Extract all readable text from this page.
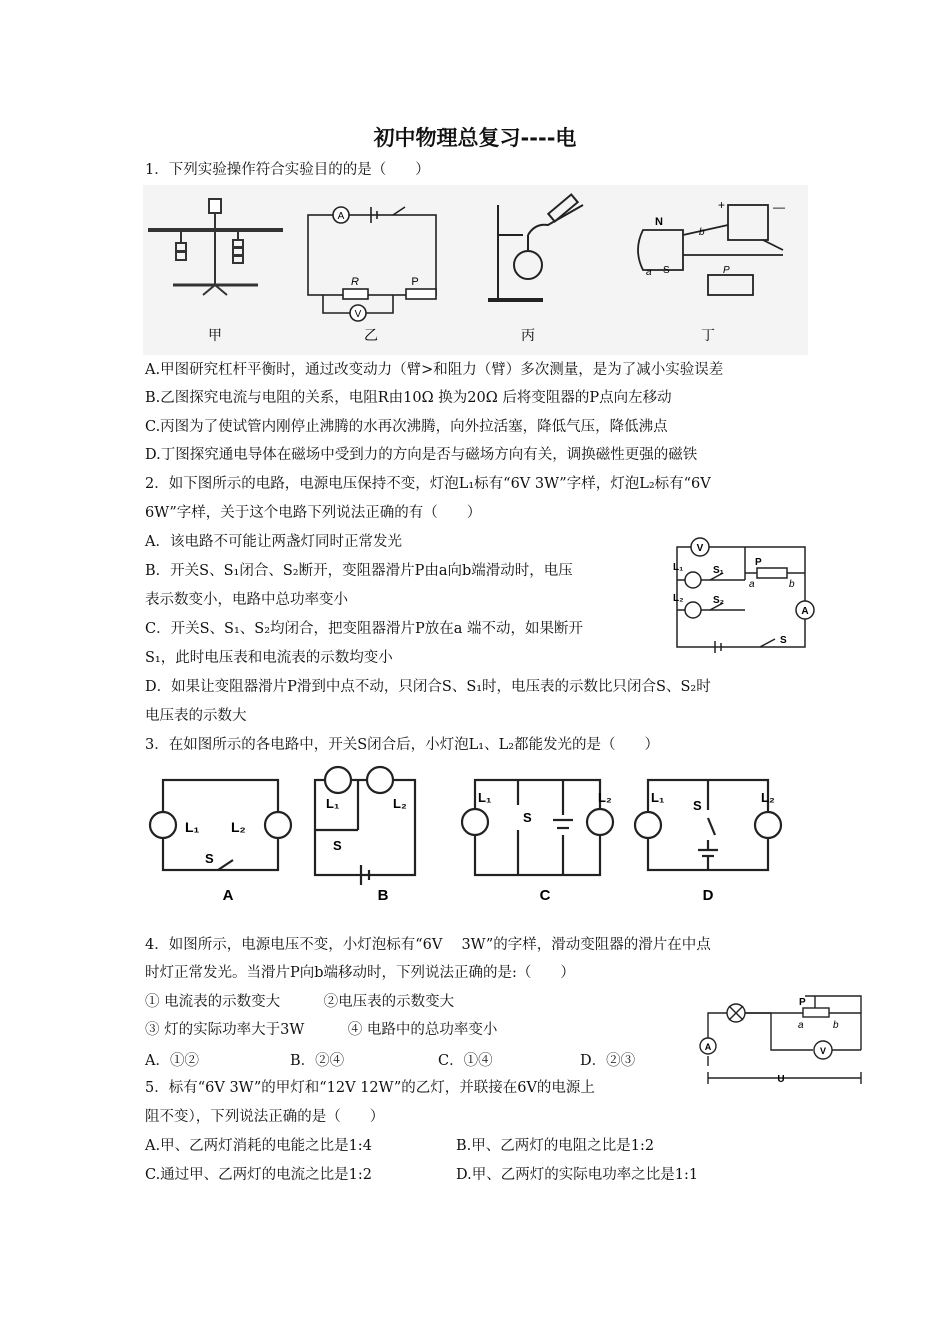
初中物理总复习----电
1．下列实验操作符合实验目的的是（　　）
甲
A
V
R	P
乙	丙
N
S
a
b
+	—
P
丁
A.甲图研究杠杆平衡时，通过改变动力（臂>和阻力（臂）多次测量，是为了减小实验误差
B.乙图探究电流与电阻的关系，电阻R由10Ω 换为20Ω 后将变阻器的P点向左移动
C.丙图为了使试管内刚停止沸腾的水再次沸腾，向外拉活塞，降低气压，降低沸点
D.丁图探究通电导体在磁场中受到力的方向是否与磁场方向有关，调换磁性更强的磁铁
2．如下图所示的电路，电源电压保持不变，灯泡L₁标有“6V 3W”字样，灯泡L₂标有“6V
6W”字样，关于这个电路下列说法正确的有（　　）
A．该电路不可能让两盏灯同时正常发光
B．开关S、S₁闭合、S₂断开，变阻器滑片P由a向b端滑动时，电压
表示数变小，电路中总功率变小
C．开关S、S₁、S₂均闭合，把变阻器滑片P放在a 端不动，如果断开
S₁，此时电压表和电流表的示数均变小
D．如果让变阻器滑片P滑到中点不动，只闭合S、S₁时，电压表的示数比只闭合S、S₂时
电压表的示数大
V
A
L₁
L₂
S₁
S₂
S
P
a	b
3．在如图所示的各电路中，开关S闭合后，小灯泡L₁、L₂都能发光的是（　　）
L₁ L₂
S
A
L₁	L₂
S
B
L₁	L₂
S
C
L₁	L₂
S
D
4．如图所示，电源电压不变，小灯泡标有“6V　 3W”的字样，滑动变阻器的滑片在中点
时灯正常发光。当滑片P向b端移动时，下列说法正确的是:（　　）
① 电流表的示数变大　　　②电压表的示数变大
③ 灯的实际功率大于3W　　　④ 电路中的总功率变小
A．①②	B．②④	C．①④	D．②③
A	V
P
a	b
U
5．标有“6V 3W”的甲灯和“12V 12W”的乙灯，并联接在6V的电源上
阻不变），下列说法正确的是（　　）
A.甲、乙两灯消耗的电能之比是1:4	B.甲、乙两灯的电阻之比是1:2
C.通过甲、乙两灯的电流之比是1:2	D.甲、乙两灯的实际电功率之比是1:1
